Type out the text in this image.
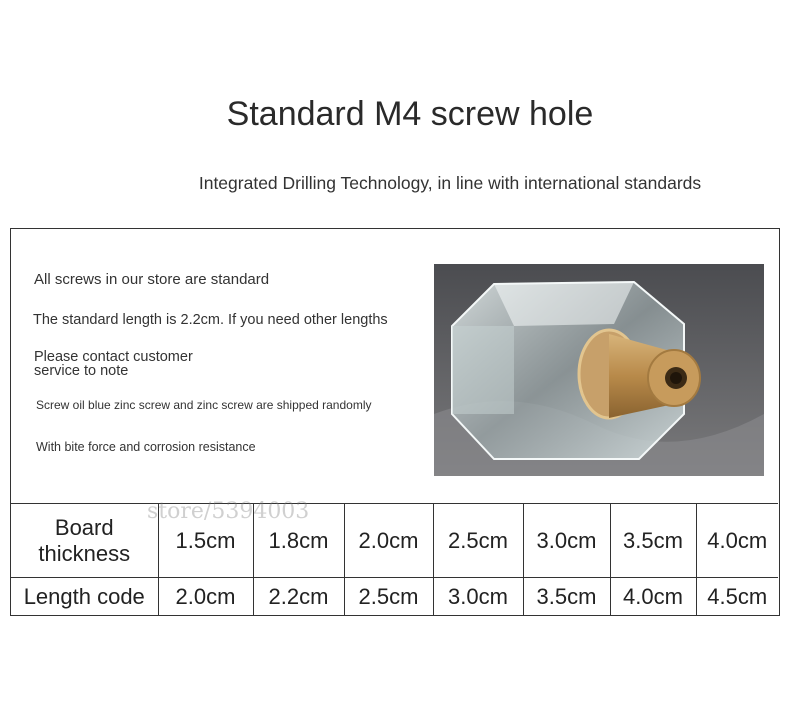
Standard M4 screw hole
Integrated Drilling Technology, in line with international standards
All screws in our store are standard
The standard length is 2.2cm. If you need other lengths
Please contact customer service to note
Screw oil blue zinc screw and zinc screw are shipped randomly
With bite force and corrosion resistance
Board thickness	1.5cm	1.8cm	2.0cm	2.5cm	3.0cm	3.5cm	4.0cm
Length code	2.0cm	2.2cm	2.5cm	3.0cm	3.5cm	4.0cm	4.5cm
store/5394003
